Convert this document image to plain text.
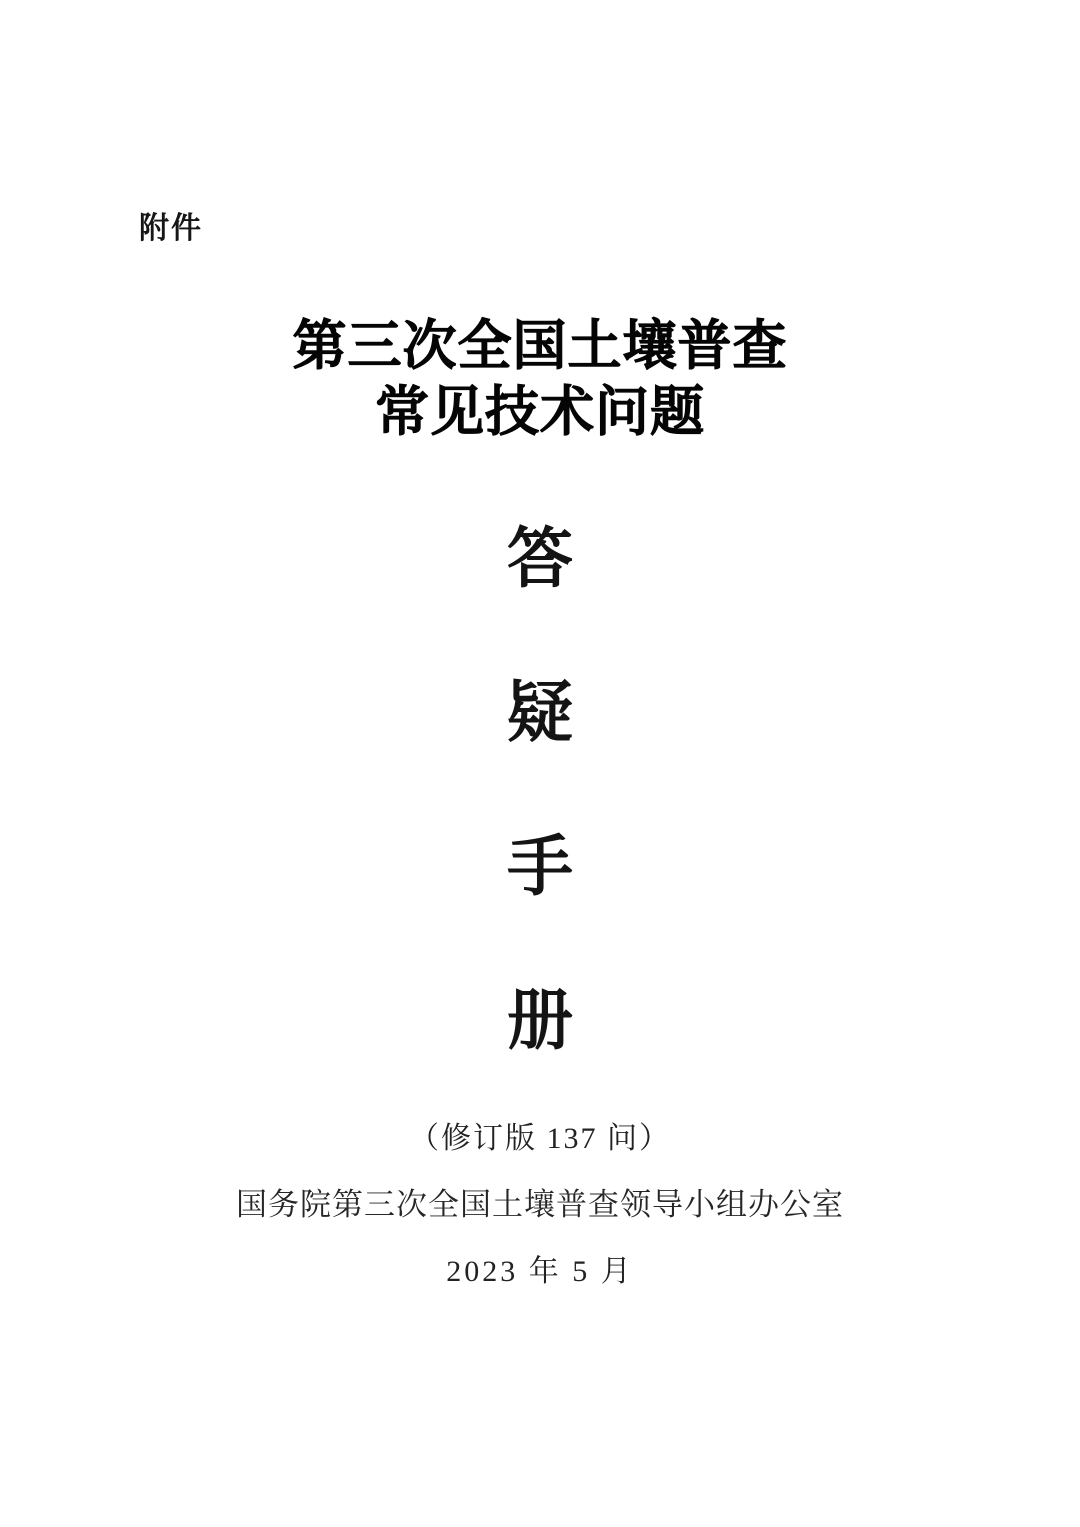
附件
第三次全国土壤普查
常见技术问题
答
疑
手
册
（修订版 137 问）
国务院第三次全国土壤普查领导小组办公室
2023 年 5 月
